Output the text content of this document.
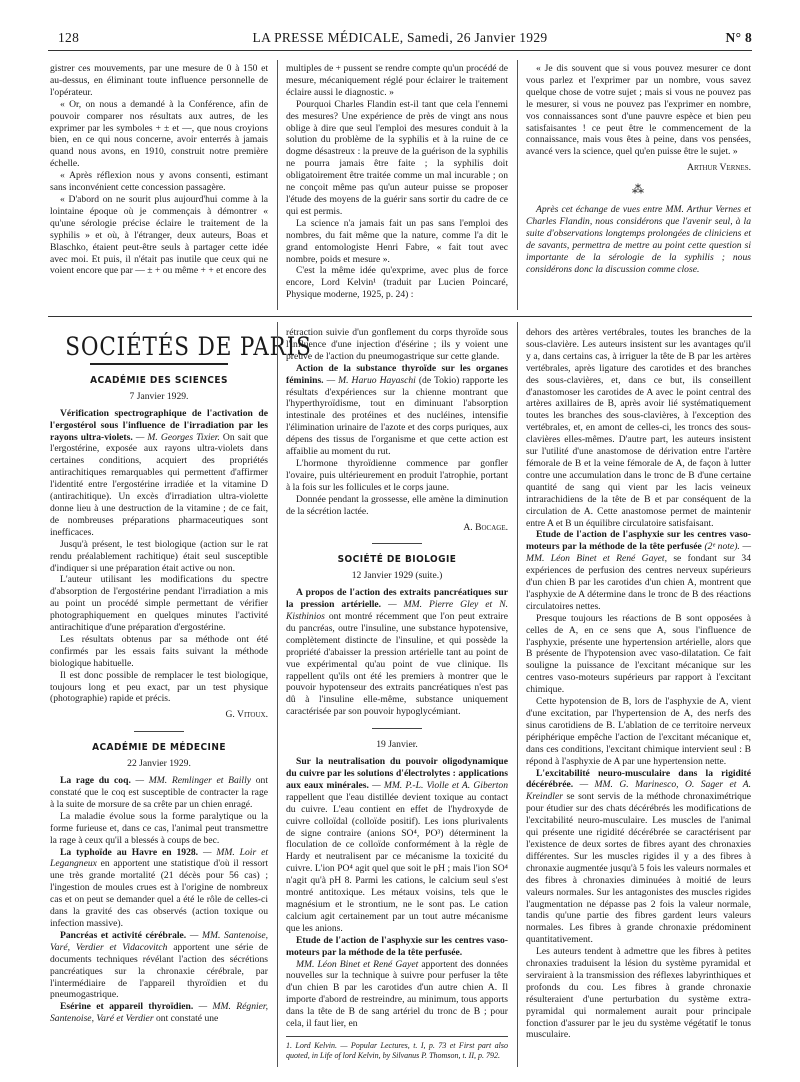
128	LA PRESSE MÉDICALE, Samedi, 26 Janvier 1929	N° 8

gistrer ces mouvements, par une mesure de 0 à 150 et au-dessus, en éliminant toute influence personnelle de l'opérateur.

« Or, on nous a demandé à la Conférence, afin de pouvoir comparer nos résultats aux autres, de les exprimer par les symboles + ± et —, que nous croyions bien, en ce qui nous concerne, avoir enterrés à jamais quand nous avons, en 1910, construit notre première échelle.

« Après réflexion nous y avons consenti, estimant sans inconvénient cette concession passagère.

« D'abord on ne sourit plus aujourd'hui comme à la lointaine époque où je commençais à démontrer « qu'une sérologie précise éclaire le traitement de la syphilis » et où, à l'étranger, deux auteurs, Boas et Blaschko, étaient peut-être seuls à partager cette idée avec moi. Et puis, il n'était pas inutile que ceux qui ne voient encore que par — ± + ou même + + et encore des

multiples de + pussent se rendre compte qu'un procédé de mesure, mécaniquement réglé pour éclairer le traitement éclaire aussi le diagnostic. »

Pourquoi Charles Flandin est-il tant que cela l'ennemi des mesures? Une expérience de près de vingt ans nous oblige à dire que seul l'emploi des mesures conduit à la solution du problème de la syphilis et à la ruine de ce dogme désastreux : la preuve de la guérison de la syphilis ne pourra jamais être faite ; la syphilis doit obligatoirement être traitée comme un mal incurable ; on ne conçoit même pas qu'un auteur puisse se proposer l'étude des moyens de la guérir sans sortir du cadre de ce qui est permis.

La science n'a jamais fait un pas sans l'emploi des nombres, du fait même que la nature, comme l'a dit le grand entomologiste Henri Fabre, « fait tout avec nombre, poids et mesure ».

C'est la même idée qu'exprime, avec plus de force encore, Lord Kelvin¹ (traduit par Lucien Poincaré, Physique moderne, 1925, p. 24) :

« Je dis souvent que si vous pouvez mesurer ce dont vous parlez et l'exprimer par un nombre, vous savez quelque chose de votre sujet ; mais si vous ne pouvez pas le mesurer, si vous ne pouvez pas l'exprimer en nombre, vos connaissances sont d'une pauvre espèce et bien peu satisfaisantes ! ce peut être le commencement de la connaissance, mais vous êtes à peine, dans vos pensées, avancé vers la science, quel qu'en puisse être le sujet. »

Arthur Vernes.
⁂

Après cet échange de vues entre MM. Arthur Vernes et Charles Flandin, nous considérons que l'avenir seul, à la suite d'observations longtemps prolongées de cliniciens et de savants, permettra de mettre au point cette question si importante de la sérologie de la syphilis ; nous considérons donc la discussion comme close.

SOCIÉTÉS DE PARIS
ACADÉMIE DES SCIENCES
7 Janvier 1929.

Vérification spectrographique de l'activation de l'ergostérol sous l'influence de l'irradiation par les rayons ultra-violets. — M. Georges Tixier. On sait que l'ergostérine, exposée aux rayons ultra-violets dans certaines conditions, acquiert des propriétés antirachitiques remarquables qui permettent d'affirmer l'identité entre l'ergostérine irradiée et la vitamine D (antirachitique). Un excès d'irradiation ultra-violette donne lieu à une destruction de la vitamine ; de ce fait, de nombreuses préparations pharmaceutiques sont inefficaces.

Jusqu'à présent, le test biologique (action sur le rat rendu préalablement rachitique) était seul susceptible d'indiquer si une préparation était active ou non.

L'auteur utilisant les modifications du spectre d'absorption de l'ergostérine pendant l'irradiation a mis au point un procédé simple permettant de vérifier photographiquement en quelques minutes l'activité antirachitique d'une préparation d'ergostérine.

Les résultats obtenus par sa méthode ont été confirmés par les essais faits suivant la méthode biologique habituelle.

Il est donc possible de remplacer le test biologique, toujours long et peu exact, par un test physique (photographie) rapide et précis.

G. Vitoux.
ACADÉMIE DE MÉDECINE
22 Janvier 1929.

La rage du coq. — MM. Remlinger et Bailly ont constaté que le coq est susceptible de contracter la rage à la suite de morsure de sa crête par un chien enragé.

La maladie évolue sous la forme paralytique ou la forme furieuse et, dans ce cas, l'animal peut transmettre la rage à ceux qu'il a blessés à coups de bec.

La typhoïde au Havre en 1928. — MM. Loir et Legangneux en apportent une statistique d'où il ressort une très grande mortalité (21 décès pour 56 cas) ; l'ingestion de moules crues est à l'origine de nombreux cas et on peut se demander quel a été le rôle de celles-ci dans la gravité des cas observés (action toxique ou infection massive).

Pancréas et activité cérébrale. — MM. Santenoise, Varé, Verdier et Vidacovitch apportent une série de documents techniques révélant l'action des sécrétions pancréatiques sur la chronaxie cérébrale, par l'intermédiaire de l'appareil thyroïdien et du pneumogastrique.

Esérine et appareil thyroïdien. — MM. Régnier, Santenoise, Varé et Verdier ont constaté une

rétraction suivie d'un gonflement du corps thyroïde sous l'influence d'une injection d'ésérine ; ils y voient une preuve de l'action du pneumogastrique sur cette glande.

Action de la substance thyroïde sur les organes féminins. — M. Haruo Hayaschi (de Tokio) rapporte les résultats d'expériences sur la chienne montrant que l'hyperthyroïdisme, tout en diminuant l'absorption intestinale des protéines et des nucléines, intensifie l'élimination urinaire de l'azote et des corps puriques, aux dépens des tissus de l'organisme et que cette action est affaiblie au moment du rut.

L'hormone thyroïdienne commence par gonfler l'ovaire, puis ultérieurement en produit l'atrophie, portant à la fois sur les follicules et le corps jaune.

Donnée pendant la grossesse, elle amène la diminution de la sécrétion lactée.

A. Bocage.
SOCIÉTÉ DE BIOLOGIE
12 Janvier 1929 (suite.)

A propos de l'action des extraits pancréatiques sur la pression artérielle. — MM. Pierre Gley et N. Kisthinios ont montré récemment que l'on peut extraire du pancréas, outre l'insuline, une substance hypotensive, complètement distincte de l'insuline, et qui possède la propriété d'abaisser la pression artérielle tant au point de vue expérimental qu'au point de vue clinique. Ils rappellent qu'ils ont été les premiers à montrer que le pouvoir hypotenseur des extraits pancréatiques n'est pas dû à l'insuline elle-même, substance uniquement caractérisée par son pouvoir hypoglycémiant.

19 Janvier.

Sur la neutralisation du pouvoir oligodynamique du cuivre par les solutions d'électrolytes : applications aux eaux minérales. — MM. P.-L. Violle et A. Giberton rappellent que l'eau distillée devient toxique au contact du cuivre. L'eau contient en effet de l'hydroxyde de cuivre colloïdal (colloïde positif). Les ions plurivalents de signe contraire (anions SO⁴, PO³) déterminent la floculation de ce colloïde conformément à la règle de Hardy et neutralisent par ce mécanisme la toxicité du cuivre. L'ion PO⁴ agit quel que soit le pH ; mais l'ion SO⁴ n'agit qu'à pH 8. Parmi les cations, le calcium seul s'est montré antitoxique. Les métaux voisins, tels que le magnésium et le strontium, ne le sont pas. Le cation calcium agit certainement par un tout autre mécanisme que les anions.

Etude de l'action de l'asphyxie sur les centres vaso-moteurs par la méthode de la tête perfusée.

MM. Léon Binet et René Gayet apportent des données nouvelles sur la technique à suivre pour perfuser la tête d'un chien B par les carotides d'un autre chien A. Il importe d'abord de restreindre, au minimum, tous apports dans la tête de B de sang artériel du tronc de B ; pour cela, il faut lier, en

1. Lord Kelvin. — Popular Lectures, t. I, p. 73 et First part also quoted, in Life of lord Kelvin, by Silvanus P. Thomson, t. II, p. 792.

dehors des artères vertébrales, toutes les branches de la sous-clavière. Les auteurs insistent sur les avantages qu'il y a, dans certains cas, à irriguer la tête de B par les artères vertébrales, après ligature des carotides et des branches des sous-clavières, et, dans ce but, ils conseillent d'anastomoser les carotides de A avec le point central des artères axillaires de B, après avoir lié systématiquement toutes les branches des sous-clavières, à l'exception des vertébrales, et, en amont de celles-ci, les troncs des sous-clavières elles-mêmes. D'autre part, les auteurs insistent sur l'utilité d'une anastomose de dérivation entre l'artère fémorale de B et la veine fémorale de A, de façon à lutter contre une accumulation dans le tronc de B d'une certaine quantité de sang qui vient par les lacis veineux intrarachidiens de la tête de B et par conséquent de la circulation de A. Cette anastomose permet de maintenir entre A et B un équilibre circulatoire satisfaisant.

Etude de l'action de l'asphyxie sur les centres vaso-moteurs par la méthode de la tête perfusée (2ᵉ note). — MM. Léon Binet et René Gayet, se fondant sur 34 expériences de perfusion des centres nerveux supérieurs d'un chien B par les carotides d'un chien A, montrent que l'asphyxie de A détermine dans le tronc de B des réactions circulatoires nettes.

Presque toujours les réactions de B sont opposées à celles de A, en ce sens que A, sous l'influence de l'asphyxie, présente une hypertension artérielle, alors que B présente de l'hypotension avec vaso-dilatation. Ce fait souligne la puissance de l'excitant mécanique sur les centres vaso-moteurs supérieurs par rapport à l'excitant chimique.

Cette hypotension de B, lors de l'asphyxie de A, vient d'une excitation, par l'hypertension de A, des nerfs des sinus carotidiens de B. L'ablation de ce territoire nerveux périphérique empêche l'action de l'excitant mécanique et, dans ces conditions, l'excitant chimique intervient seul : B répond à l'asphyxie de A par une hypertension nette.

L'excitabilité neuro-musculaire dans la rigidité décérébrée. — MM. G. Marinesco, O. Sager et A. Kreindler se sont servis de la méthode chronaximétrique pour étudier sur des chats décérébrés les modifications de l'excitabilité neuro-musculaire. Les muscles de l'animal qui présente une rigidité décérébrée se caractérisent par l'existence de deux sortes de fibres ayant des chronaxies différentes. Sur les muscles rigides il y a des fibres à chronaxie augmentée jusqu'à 5 fois les valeurs normales et des fibres à chronaxies diminuées à moitié de leurs valeurs normales. Sur les antagonistes des muscles rigides l'augmentation ne dépasse pas 2 fois la valeur normale, tandis qu'une partie des fibres gardent leurs valeurs normales. Les fibres à grande chronaxie prédominent quantitativement.

Les auteurs tendent à admettre que les fibres à petites chronaxies traduisent la lésion du système pyramidal et serviraient à la transmission des réflexes labyrinthiques et profonds du cou. Les fibres à grande chronaxie résulteraient d'une perturbation du système extra-pyramidal qui normalement aurait pour principale fonction d'assurer par le jeu du système végétatif le tonus musculaire.
